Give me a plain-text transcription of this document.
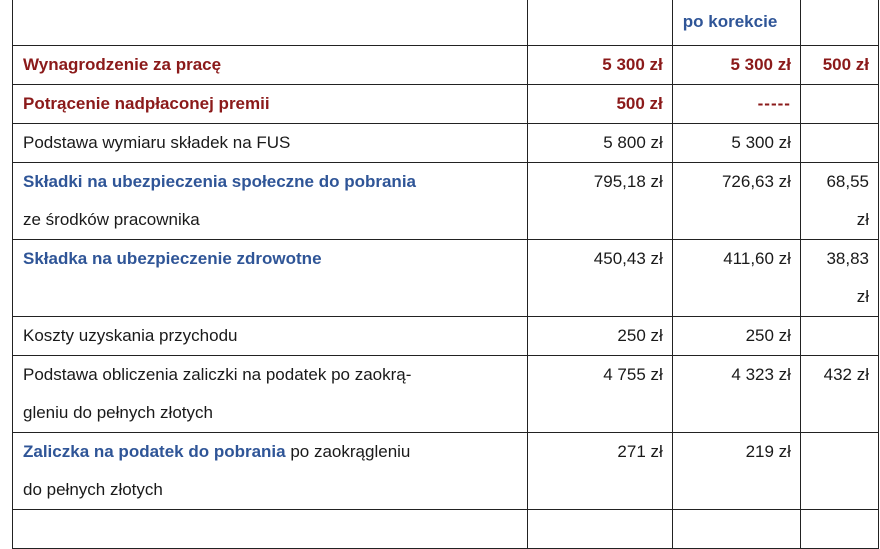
		po korekcie	
Wynagrodzenie za pracę	5 300 zł	5 300 zł	500 zł
Potrącenie nadpłaconej premii	500 zł	-----	
Podstawa wymiaru składek na FUS	5 800 zł	5 300 zł	
Składki na ubezpieczenia społeczne do pobrania
ze środków pracownika	795,18 zł	726,63 zł	68,55 zł
Składka na ubezpieczenie zdrowotne	450,43 zł	411,60 zł	38,83 zł
Koszty uzyskania przychodu	250 zł	250 zł	
Podstawa obliczenia zaliczki na podatek po zaokrą-
gleniu do pełnych złotych	4 755 zł	4 323 zł	432 zł
Zaliczka na podatek do pobrania po zaokrągleniu
do pełnych złotych	271 zł	219 zł	
